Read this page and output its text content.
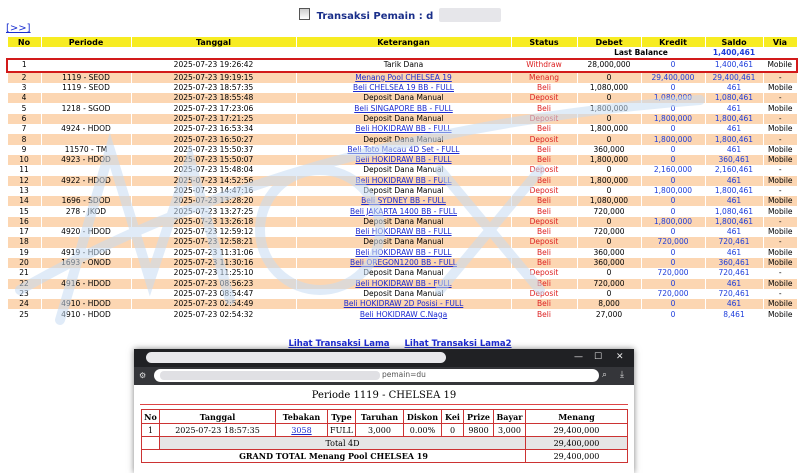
Transaksi Pemain : d
[>>]
No	Periode	Tanggal	Keterangan	Status	Debet	Kredit	Saldo	Via
					Last Balance		1,400,461	
1		2025-07-23 19:26:42	Tarik Dana	Withdraw	28,000,000	0	1,400,461	Mobile
2	1119 - SEOD	2025-07-23 19:19:15	Menang Pool CHELSEA 19	Menang	0	29,400,000	29,400,461	-
3	1119 - SEOD	2025-07-23 18:57:35	Beli CHELSEA 19 BB - FULL	Beli	1,080,000	0	461	Mobile
4		2025-07-23 18:55:48	Deposit Dana Manual	Deposit	0	1,080,000	1,080,461	-
5	1218 - SGOD	2025-07-23 17:23:06	Beli SINGAPORE BB - FULL	Beli	1,800,000	0	461	Mobile
6		2025-07-23 17:21:25	Deposit Dana Manual	Deposit	0	1,800,000	1,800,461	-
7	4924 - HDOD	2025-07-23 16:53:34	Beli HOKIDRAW BB - FULL	Beli	1,800,000	0	461	Mobile
8		2025-07-23 16:50:27	Deposit Dana Manual	Deposit	0	1,800,000	1,800,461	-
9	11570 - TM	2025-07-23 15:50:37	Beli Toto Macau 4D Set - FULL	Beli	360,000	0	461	Mobile
10	4923 - HDOD	2025-07-23 15:50:07	Beli HOKIDRAW BB - FULL	Beli	1,800,000	0	360,461	Mobile
11		2025-07-23 15:48:04	Deposit Dana Manual	Deposit	0	2,160,000	2,160,461	-
12	4922 - HDOD	2025-07-23 14:52:56	Beli HOKIDRAW BB - FULL	Beli	1,800,000	0	461	Mobile
13		2025-07-23 14:47:16	Deposit Dana Manual	Deposit	0	1,800,000	1,800,461	-
14	1696 - SDOD	2025-07-23 13:28:20	Beli SYDNEY BB - FULL	Beli	1,080,000	0	461	Mobile
15	278 - JKOD	2025-07-23 13:27:25	Beli JAKARTA 1400 BB - FULL	Beli	720,000	0	1,080,461	Mobile
16		2025-07-23 13:26:18	Deposit Dana Manual	Deposit	0	1,800,000	1,800,461	-
17	4920 - HDOD	2025-07-23 12:59:12	Beli HOKIDRAW BB - FULL	Beli	720,000	0	461	Mobile
18		2025-07-23 12:58:21	Deposit Dana Manual	Deposit	0	720,000	720,461	-
19	4919 - HDOD	2025-07-23 11:31:06	Beli HOKIDRAW BB - FULL	Beli	360,000	0	461	Mobile
20	1693 - ONOD	2025-07-23 11:30:16	Beli OREGON1200 BB - FULL	Beli	360,000	0	360,461	Mobile
21		2025-07-23 11:25:10	Deposit Dana Manual	Deposit	0	720,000	720,461	-
22	4916 - HDOD	2025-07-23 08:56:23	Beli HOKIDRAW BB - FULL	Beli	720,000	0	461	Mobile
23		2025-07-23 08:54:47	Deposit Dana Manual	Deposit	0	720,000	720,461	-
24	4910 - HDOD	2025-07-23 02:54:49	Beli HOKIDRAW 2D Posisi - FULL	Beli	8,000	0	461	Mobile
25	4910 - HDOD	2025-07-23 02:54:32	Beli HOKIDRAW C.Naga	Beli	27,000	0	8,461	Mobile
Lihat Transaksi Lama Lihat Transaksi Lama2
— ☐ ✕
⚙	pemain=du	⌕ ⤓
Periode 1119 - CHELSEA 19
No	Tanggal	Tebakan	Type	Taruhan	Diskon	Kei	Prize	Bayar	Menang
1	2025-07-23 18:57:35	3058	FULL	3,000	0.00%	0	9800	3,000	29,400,000
	Total 4D								29,400,000
GRAND TOTAL Menang Pool CHELSEA 19									29,400,000
